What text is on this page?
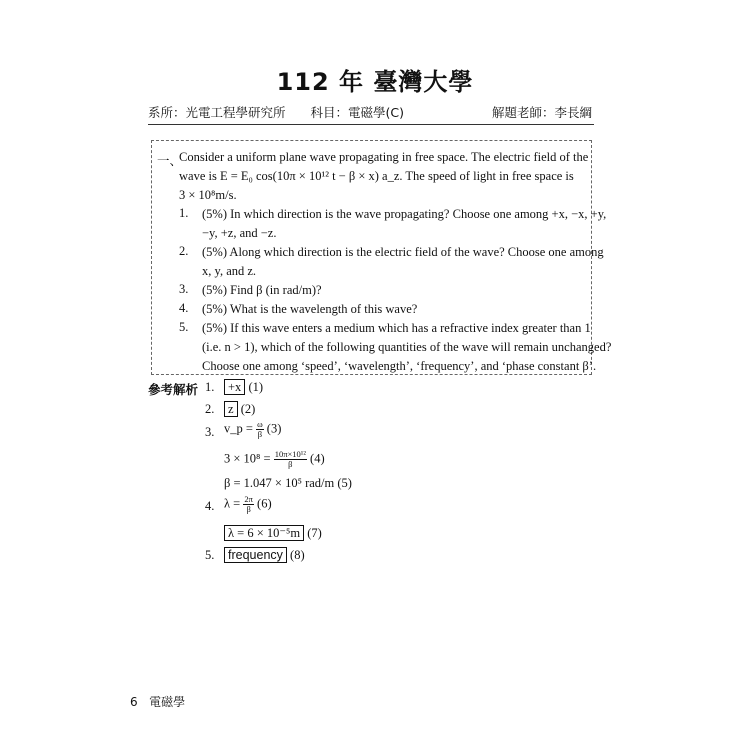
112 年 臺灣大學
系所：光電工程學研究所　　科目：電磁學(C)	解題老師：李長綱
一、
Consider a uniform plane wave propagating in free space. The electric field of the
wave is E = E₀ cos(10π × 10¹² t − β × x) a_z. The speed of light in free space is
3 × 10⁸m/s.
1. (5%) In which direction is the wave propagating? Choose one among +x, −x, +y,
−y, +z, and −z.
2. (5%) Along which direction is the electric field of the wave? Choose one among
x, y, and z.
3. (5%) Find β (in rad/m)?
4. (5%) What is the wavelength of this wave?
5. (5%) If this wave enters a medium which has a refractive index greater than 1
(i.e. n > 1), which of the following quantities of the wave will remain unchanged?
Choose one among ‘speed’, ‘wavelength’, ‘frequency’, and ‘phase constant β’.
參考解析 1.	+x (1)
2.	z (2)
3. v_p = $\frac{\omega}{\beta} (3)$
$3 \times 10^8 = \frac{\text{10π×10¹²}}{\beta} (4)$
β = 1.047 × 10⁵ rad/m (5)
4. $\lambda = \frac{2\pi}{\beta} (6)$
λ = 6 × 10⁻⁵m (7)
5.	frequency (8)
6 電磁學
